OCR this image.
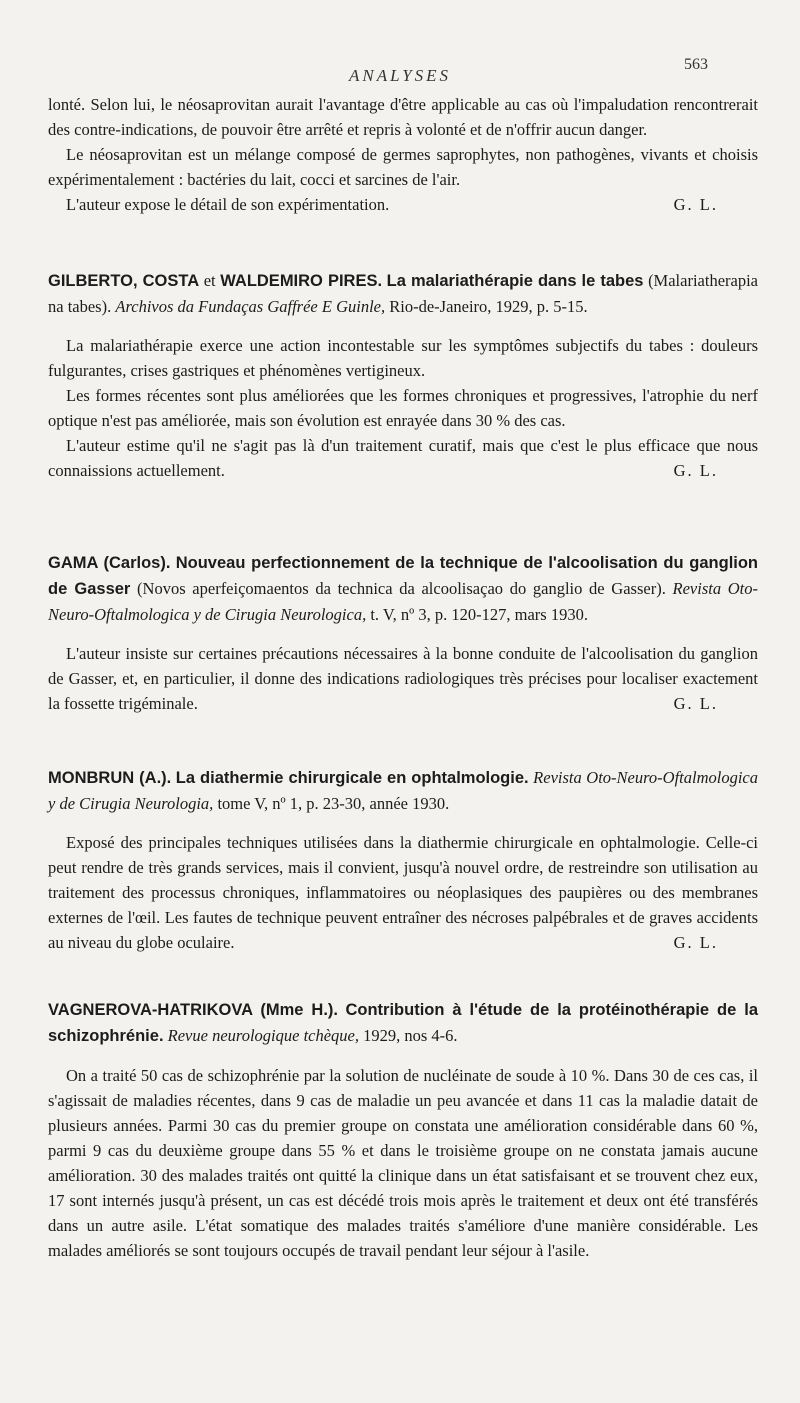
ANALYSES
563

lonté. Selon lui, le néosaprovitan aurait l'avantage d'être applicable au cas où l'impaludation rencontrerait des contre-indications, de pouvoir être arrêté et repris à volonté et de n'offrir aucun danger.

Le néosaprovitan est un mélange composé de germes saprophytes, non pathogènes, vivants et choisis expérimentalement : bactéries du lait, cocci et sarcines de l'air.

L'auteur expose le détail de son expérimentation.	G. L.

GILBERTO, COSTA et WALDEMIRO PIRES. La malariathérapie dans le tabes (Malariatherapia na tabes). Archivos da Fundaças Gaffrée E Guinle, Rio-de-Janeiro, 1929, p. 5-15.

La malariathérapie exerce une action incontestable sur les symptômes subjectifs du tabes : douleurs fulgurantes, crises gastriques et phénomènes vertigineux.

Les formes récentes sont plus améliorées que les formes chroniques et progressives, l'atrophie du nerf optique n'est pas améliorée, mais son évolution est enrayée dans 30 % des cas.

L'auteur estime qu'il ne s'agit pas là d'un traitement curatif, mais que c'est le plus efficace que nous connaissions actuellement.	G. L.

GAMA (Carlos). Nouveau perfectionnement de la technique de l'alcoolisation du ganglion de Gasser (Novos aperfeiçomaentos da technica da alcoolisaçao do ganglio de Gasser). Revista Oto-Neuro-Oftalmologica y de Cirugia Neurologica, t. V, nº 3, p. 120-127, mars 1930.

L'auteur insiste sur certaines précautions nécessaires à la bonne conduite de l'alcoolisation du ganglion de Gasser, et, en particulier, il donne des indications radiologiques très précises pour localiser exactement la fossette trigéminale.	G. L.

MONBRUN (A.). La diathermie chirurgicale en ophtalmologie. Revista Oto-Neuro-Oftalmologica y de Cirugia Neurologia, tome V, nº 1, p. 23-30, année 1930.

Exposé des principales techniques utilisées dans la diathermie chirurgicale en ophtalmologie. Celle-ci peut rendre de très grands services, mais il convient, jusqu'à nouvel ordre, de restreindre son utilisation au traitement des processus chroniques, inflammatoires ou néoplasiques des paupières ou des membranes externes de l'œil. Les fautes de technique peuvent entraîner des nécroses palpébrales et de graves accidents au niveau du globe oculaire.	G. L.

VAGNEROVA-HATRIKOVA (Mme H.). Contribution à l'étude de la protéinothérapie de la schizophrénie. Revue neurologique tchèque, 1929, nos 4-6.

On a traité 50 cas de schizophrénie par la solution de nucléinate de soude à 10 %. Dans 30 de ces cas, il s'agissait de maladies récentes, dans 9 cas de maladie un peu avancée et dans 11 cas la maladie datait de plusieurs années. Parmi 30 cas du premier groupe on constata une amélioration considérable dans 60 %, parmi 9 cas du deuxième groupe dans 55 % et dans le troisième groupe on ne constata jamais aucune amélioration. 30 des malades traités ont quitté la clinique dans un état satisfaisant et se trouvent chez eux, 17 sont internés jusqu'à présent, un cas est décédé trois mois après le traitement et deux ont été transférés dans un autre asile. L'état somatique des malades traités s'améliore d'une manière considérable. Les malades améliorés se sont toujours occupés de travail pendant leur séjour à l'asile.
